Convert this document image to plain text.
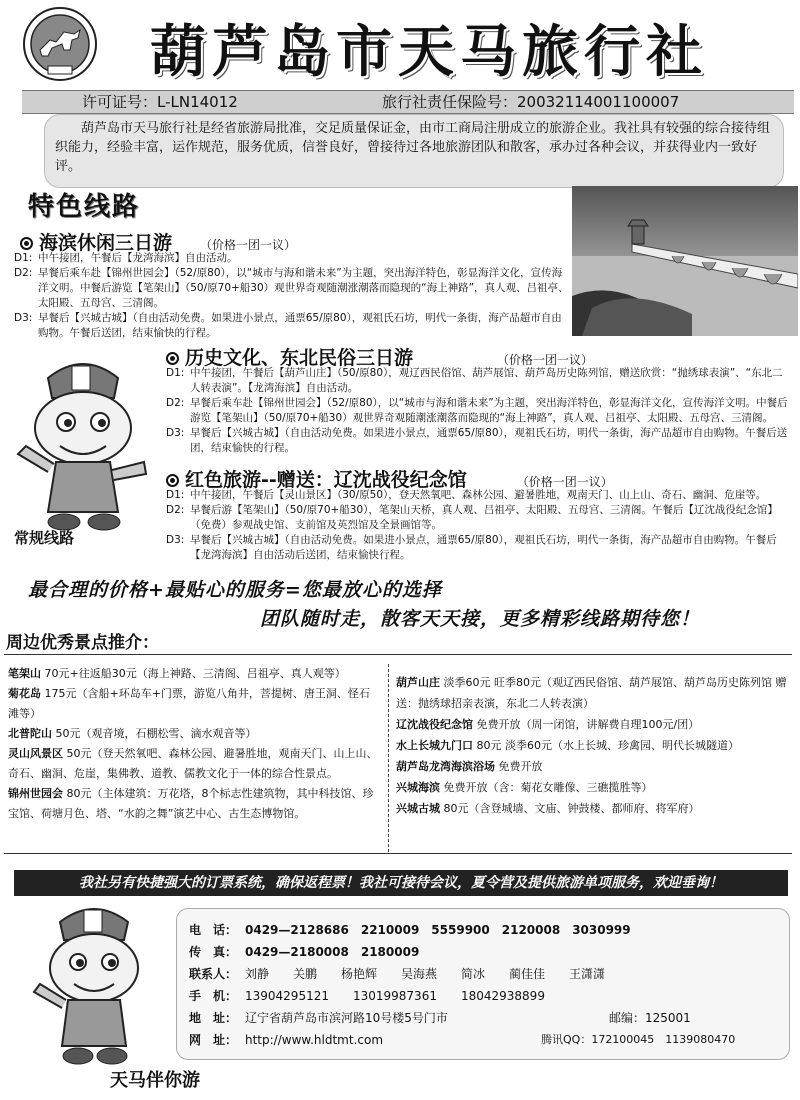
葫芦岛市天马旅行社
许可证号：L-LN14012	旅行社责任保险号：20032114001100007
葫芦岛市天马旅行社是经省旅游局批准，交足质量保证金，由市工商局注册成立的旅游企业。我社具有较强的综合接待组织能力，经验丰富，运作规范，服务优质，信誉良好，曾接待过各地旅游团队和散客，承办过各种会议，并获得业内一致好评。
特色线路
海滨休闲三日游 （价格一团一议）
D1: 中午接团，午餐后【龙湾海滨】自由活动。
D2: 早餐后乘车赴【锦州世园会】（52/原80），以“城市与海和谐未来”为主题，突出海洋特色，彰显海洋文化，宣传海洋文明。中餐后游览【笔架山】（50/原70+船30）观世界奇观随潮涨潮落而隐现的“海上神路”，真人观、吕祖亭、太阳殿、五母宫、三清阁。
D3: 早餐后【兴城古城】（自由活动免费。如果进小景点，通票65/原80），观祖氏石坊，明代一条街，海产品超市自由购物。午餐后送团，结束愉快的行程。
常规线路
历史文化、东北民俗三日游	（价格一团一议）
D1: 中午接团，午餐后【葫芦山庄】（50/原80），观辽西民俗馆、葫芦展馆、葫芦岛历史陈列馆，赠送欣赏：“抛绣球表演”、“东北二人转表演”。【龙湾海滨】自由活动。
D2: 早餐后乘车赴【锦州世园会】（52/原80），以“城市与海和谐未来”为主题，突出海洋特色，彰显海洋文化，宣传海洋文明。中餐后游览【笔架山】（50/原70+船30）观世界奇观随潮涨潮落而隐现的“海上神路”，真人观、吕祖亭、太阳殿、五母宫、三清阁。
D3: 早餐后【兴城古城】（自由活动免费。如果进小景点，通票65/原80），观祖氏石坊，明代一条街，海产品超市自由购物。午餐后送团，结束愉快的行程。
红色旅游--赠送：辽沈战役纪念馆	（价格一团一议）
D1: 中午接团，午餐后【灵山景区】（30/原50），登天然氧吧、森林公园、避暑胜地，观南天门、山上山、奇石、幽洞、危崖等。
D2: 早餐后游【笔架山】（50/原70+船30），笔架山天桥，真人观、吕祖亭、太阳殿、五母宫、三清阁。午餐后【辽沈战役纪念馆】（免费）参观战史馆、支前馆及英烈馆及全景画馆等。
D3: 早餐后【兴城古城】（自由活动免费。如果进小景点，通票65/原80），观祖氏石坊，明代一条街，海产品超市自由购物。午餐后【龙湾海滨】自由活动后送团，结束愉快行程。
最合理的价格+最贴心的服务=您最放心的选择
团队随时走，散客天天接，更多精彩线路期待您！
周边优秀景点推介：
笔架山 70元+往返船30元（海上神路、三清阁、吕祖亭、真人观等）
菊花岛 175元（含船+环岛车+门票，游览八角井，菩提树、唐王洞、怪石滩等）
北普陀山 50元（观音境，石棚松雪、滴水观音等）
灵山风景区 50元（登天然氧吧、森林公园、避暑胜地，观南天门、山上山、奇石、幽洞、危崖，集佛教、道教、儒教文化于一体的综合性景点。
锦州世园会 80元（主体建筑：万花塔，8个标志性建筑物，其中科技馆、珍宝馆、荷塘月色、塔、“水韵之舞”演艺中心、古生态博物馆。
葫芦山庄 淡季60元 旺季80元（观辽西民俗馆、葫芦展馆、葫芦岛历史陈列馆 赠送：抛绣球招亲表演，东北二人转表演）
辽沈战役纪念馆 免费开放（周一闭馆，讲解费自理100元/团）
水上长城九门口 80元 淡季60元（水上长城、珍禽园、明代长城隧道）
葫芦岛龙湾海滨浴场 免费开放
兴城海滨 免费开放（含：菊花女雕像、三礁揽胜等）
兴城古城 80元（含登城墙、文庙、钟鼓楼、都师府、将军府）
我社另有快捷强大的订票系统，确保返程票！我社可接待会议，夏令营及提供旅游单项服务，欢迎垂询！
电　话： 0429—2128686　2210009　5559900　2120008　3030999
传　真： 0429—2180008　2180009
联系人： 刘静　　关鹏　　杨艳辉　　吴海燕　　简冰　　蔺佳佳　　王潇潇
手　机： 13904295121　　13019987361　　18042938899
地　址： 辽宁省葫芦岛市滨河路10号楼5号门市	邮编：125001
网　址： http://www.hldtmt.com	腾讯QQ：172100045　1139080470
天马伴你游
